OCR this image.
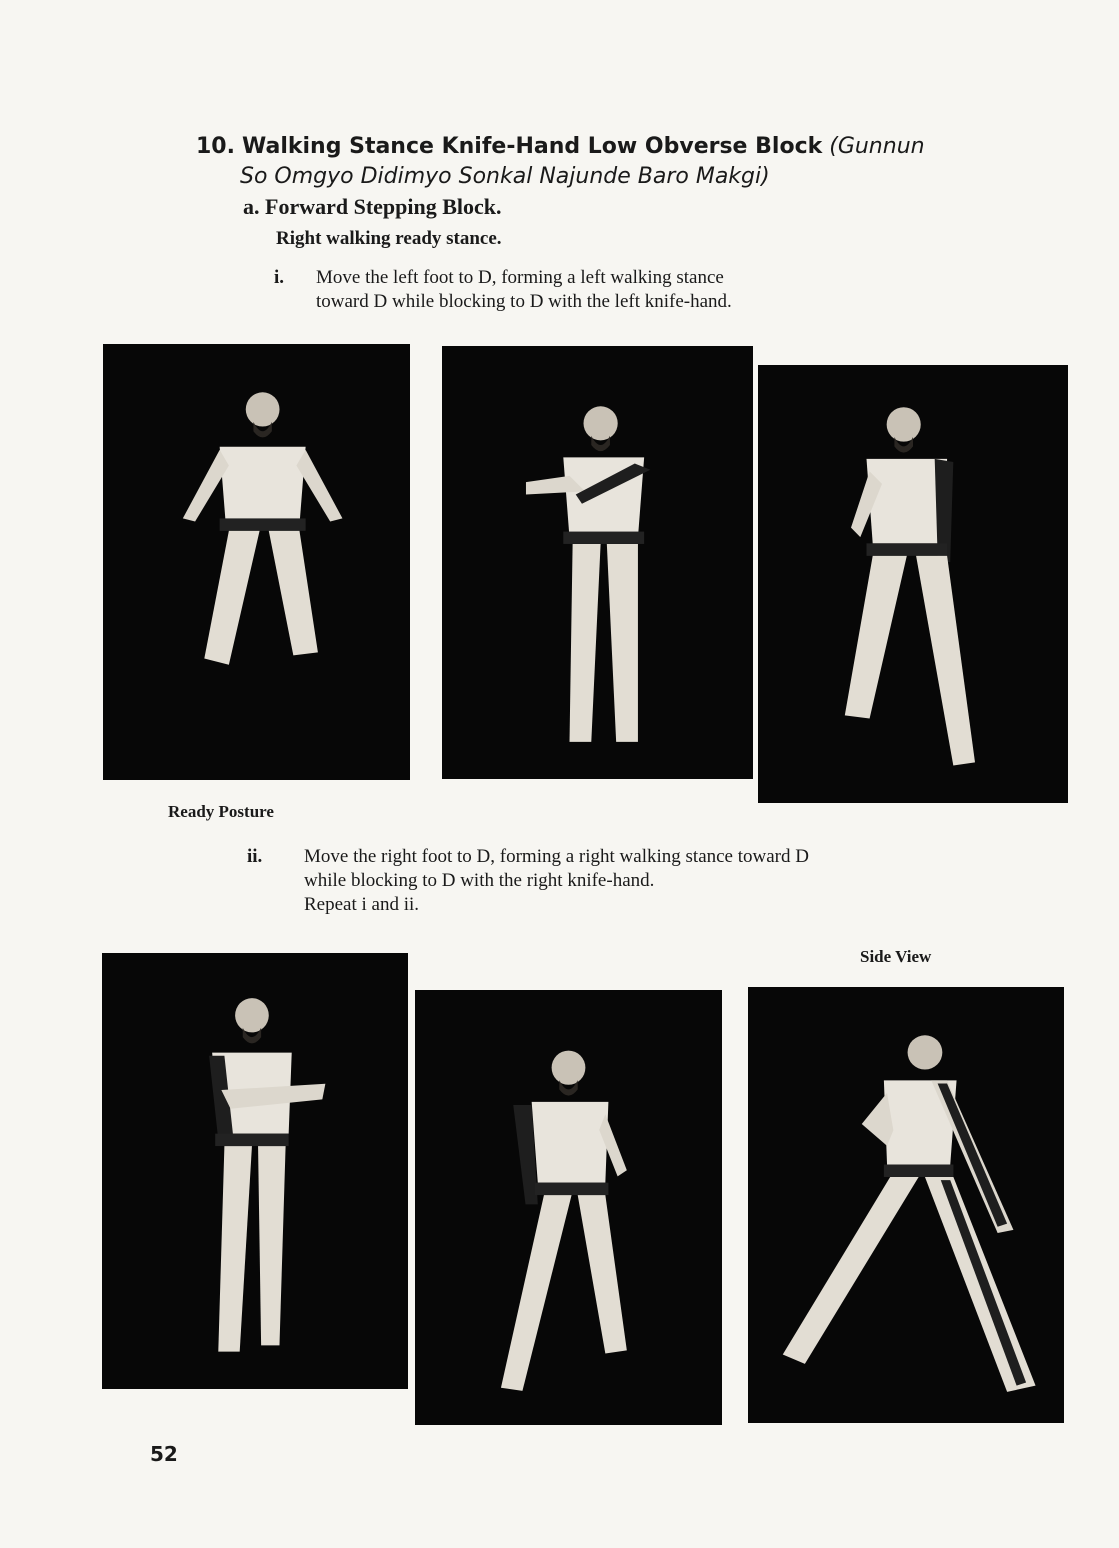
10. Walking Stance Knife-Hand Low Obverse Block (Gunnun
So Omgyo Didimyo Sonkal Najunde Baro Makgi)
a. Forward Stepping Block.
Right walking ready stance.
i. Move the left foot to D, forming a left walking stance
toward D while blocking to D with the left knife-hand.
Ready Posture
ii. Move the right foot to D, forming a right walking stance toward D
while blocking to D with the right knife-hand.
Repeat i and ii.
Side View
52
